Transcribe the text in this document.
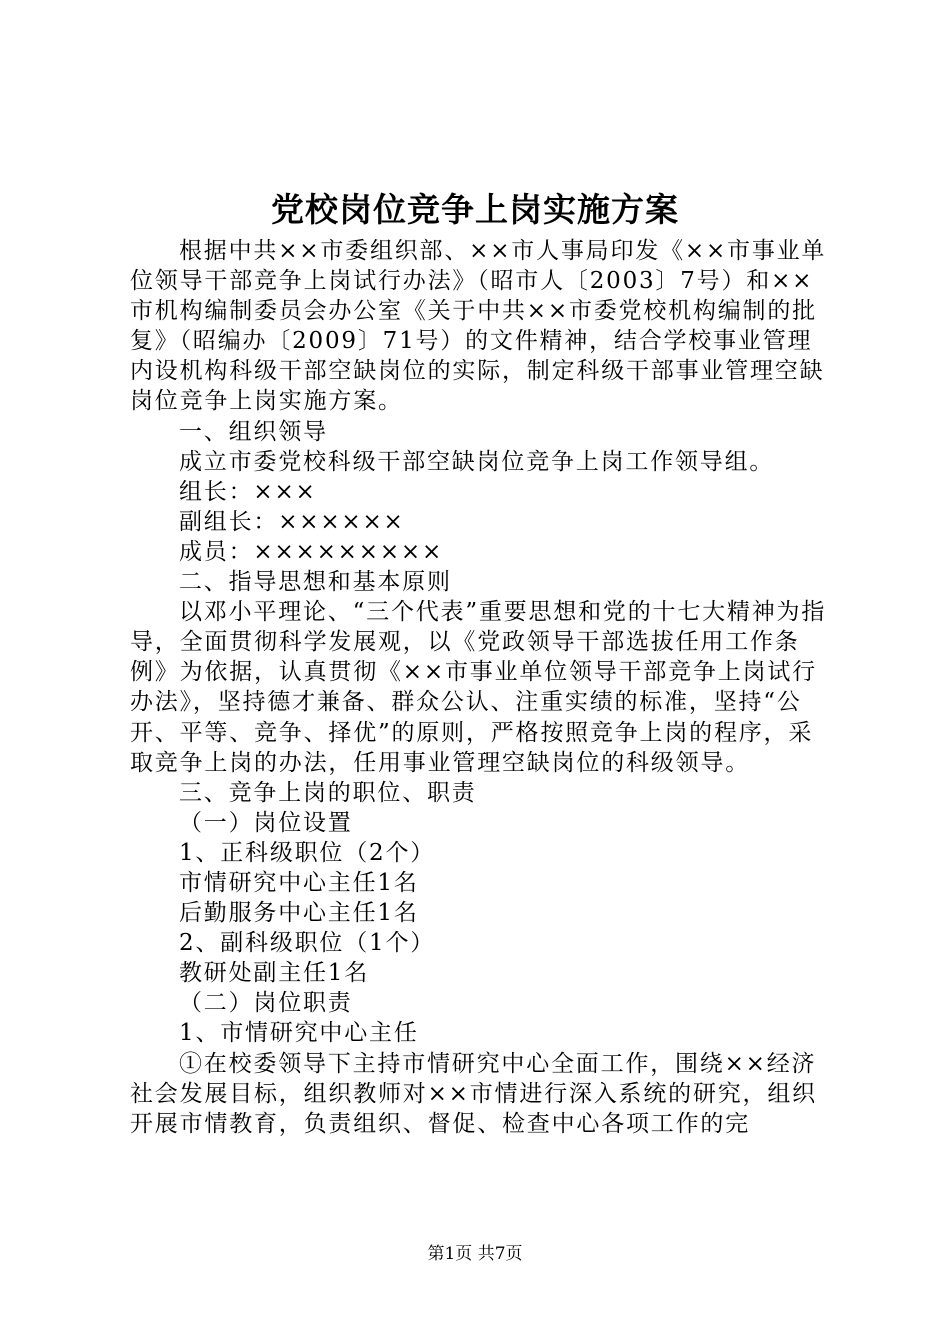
党校岗位竞争上岗实施方案

根据中共××市委组织部、××市人事局印发《××市事业单位领导干部竞争上岗试行办法》（昭市人〔2003〕7号）和××市机构编制委员会办公室《关于中共××市委党校机构编制的批复》（昭编办〔2009〕71号）的文件精神，结合学校事业管理内设机构科级干部空缺岗位的实际，制定科级干部事业管理空缺岗位竞争上岗实施方案。

一、组织领导

成立市委党校科级干部空缺岗位竞争上岗工作领导组。

组长：×××

副组长：××××××

成员：×××××××××

二、指导思想和基本原则

以邓小平理论、“三个代表”重要思想和党的十七大精神为指导，全面贯彻科学发展观，以《党政领导干部选拔任用工作条例》为依据，认真贯彻《××市事业单位领导干部竞争上岗试行办法》，坚持德才兼备、群众公认、注重实绩的标准，坚持“公开、平等、竞争、择优”的原则，严格按照竞争上岗的程序，采取竞争上岗的办法，任用事业管理空缺岗位的科级领导。

三、竞争上岗的职位、职责

（一）岗位设置

1、正科级职位（2个）

市情研究中心主任1名

后勤服务中心主任1名

2、副科级职位（1个）

教研处副主任1名

（二）岗位职责

1、市情研究中心主任

①在校委领导下主持市情研究中心全面工作，围绕××经济社会发展目标，组织教师对××市情进行深入系统的研究，组织开展市情教育，负责组织、督促、检查中心各项工作的完

第1页 共7页
